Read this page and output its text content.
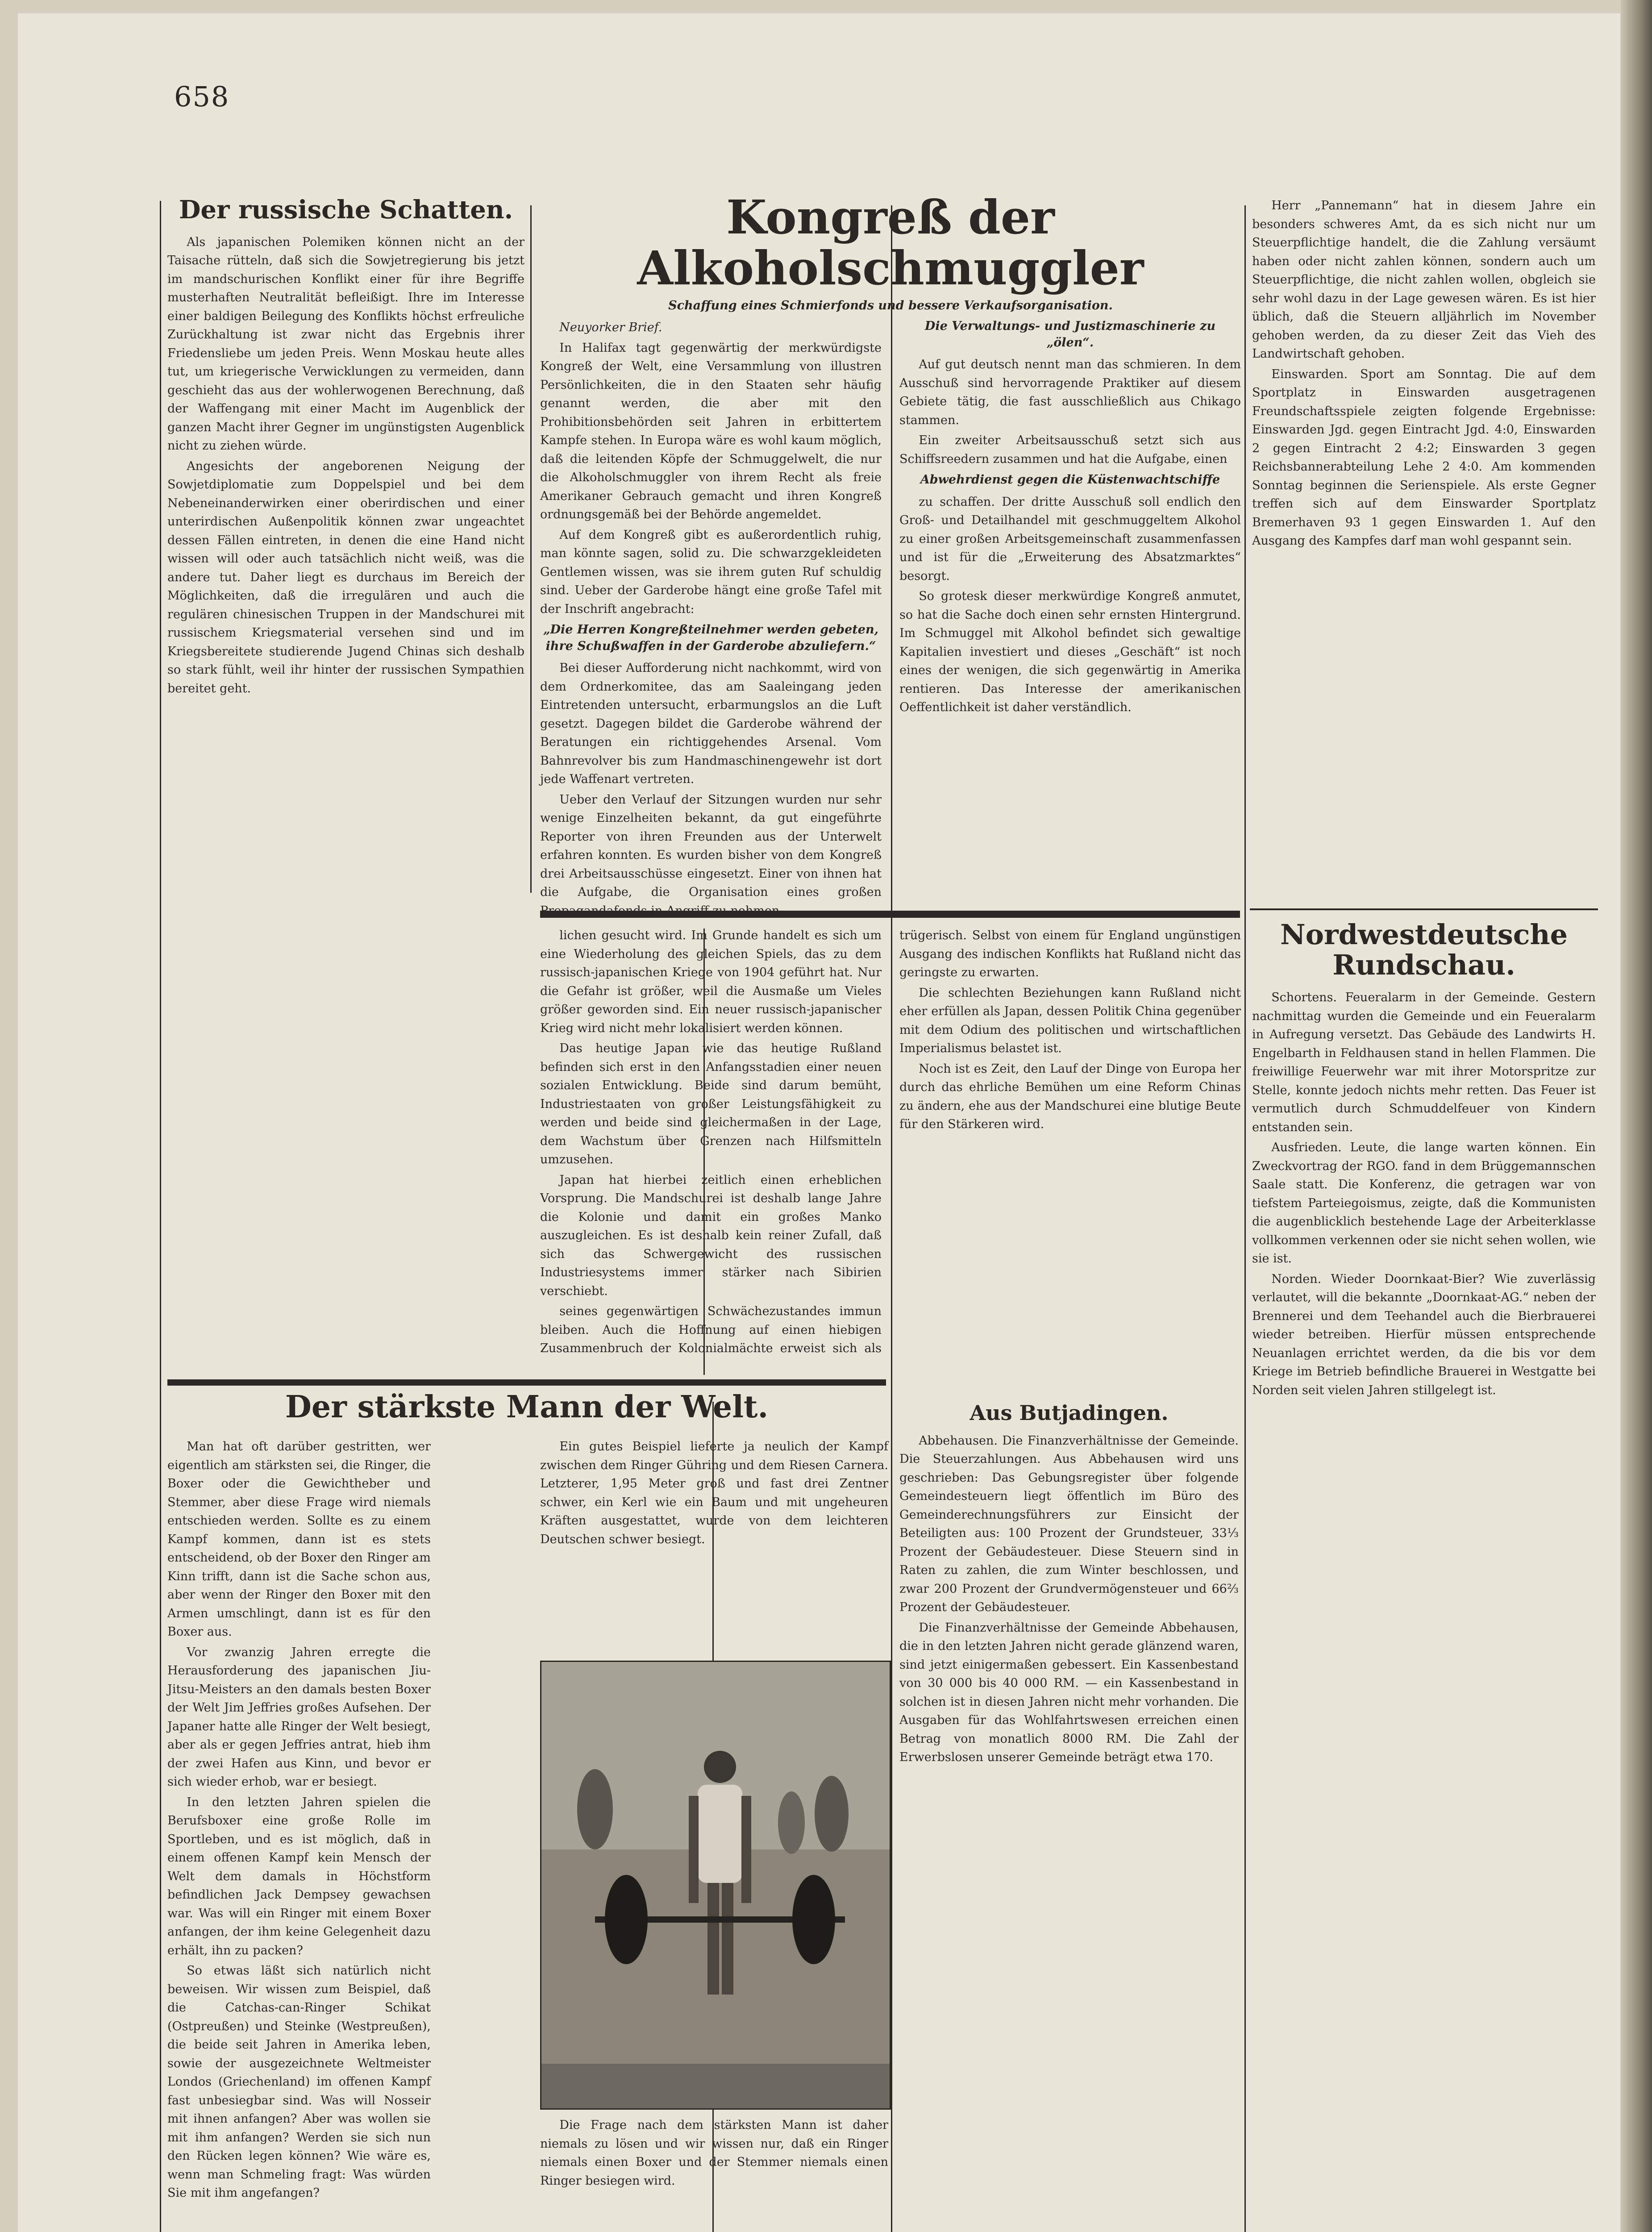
658
Der russische Schatten.

Als japanischen Polemiken können nicht an der Taisache rütteln, daß sich die Sowjetregierung bis jetzt im mandschurischen Konflikt einer für ihre Begriffe musterhaften Neutralität befleißigt. Ihre im Interesse einer baldigen Beilegung des Konflikts höchst erfreuliche Zurückhaltung ist zwar nicht das Ergebnis ihrer Friedensliebe um jeden Preis. Wenn Moskau heute alles tut, um kriegerische Verwicklungen zu vermeiden, dann geschieht das aus der wohlerwogenen Berechnung, daß der Waffengang mit einer Macht im Augenblick der ganzen Macht ihrer Gegner im ungünstigsten Augenblick nicht zu ziehen würde.

Angesichts der angeborenen Neigung der Sowjetdiplomatie zum Doppelspiel und bei dem Nebeneinanderwirken einer oberirdischen und einer unterirdischen Außenpolitik können zwar ungeachtet dessen Fällen eintreten, in denen die eine Hand nicht wissen will oder auch tatsächlich nicht weiß, was die andere tut. Daher liegt es durchaus im Bereich der Möglichkeiten, daß die irregulären und auch die regulären chinesischen Truppen in der Mandschurei mit russischem Kriegsmaterial versehen sind und im Kriegsbereitete studierende Jugend Chinas sich deshalb so stark fühlt, weil ihr hinter der russischen Sympathien bereitet geht.

Kongreß der Alkoholschmuggler
Schaffung eines Schmierfonds und bessere Verkaufsorganisation.

Neuyorker Brief.

In Halifax tagt gegenwärtig der merkwürdigste Kongreß der Welt, eine Versammlung von illustren Persönlichkeiten, die in den Staaten sehr häufig genannt werden, die aber mit den Prohibitionsbehörden seit Jahren in erbittertem Kampfe stehen. In Europa wäre es wohl kaum möglich, daß die leitenden Köpfe der Schmuggelwelt, die nur die Alkoholschmuggler von ihrem Recht als freie Amerikaner Gebrauch gemacht und ihren Kongreß ordnungsgemäß bei der Behörde angemeldet.

Auf dem Kongreß gibt es außerordentlich ruhig, man könnte sagen, solid zu. Die schwarzgekleideten Gentlemen wissen, was sie ihrem guten Ruf schuldig sind. Ueber der Garderobe hängt eine große Tafel mit der Inschrift angebracht:

„Die Herren Kongreßteilnehmer werden gebeten, ihre Schußwaffen in der Garderobe abzuliefern.“

Bei dieser Aufforderung nicht nachkommt, wird von dem Ordnerkomitee, das am Saaleingang jeden Eintretenden untersucht, erbarmungslos an die Luft gesetzt. Dagegen bildet die Garderobe während der Beratungen ein richtiggehendes Arsenal. Vom Bahnrevolver bis zum Handmaschinengewehr ist dort jede Waffenart vertreten.

Ueber den Verlauf der Sitzungen wurden nur sehr wenige Einzelheiten bekannt, da gut eingeführte Reporter von ihren Freunden aus der Unterwelt erfahren konnten. Es wurden bisher von dem Kongreß drei Arbeitsausschüsse eingesetzt. Einer von ihnen hat die Aufgabe, die Organisation eines großen Propagandafonds in Angriff zu nehmen.

Die Verwaltungs- und Justizmaschinerie zu „ölen“.

Auf gut deutsch nennt man das schmieren. In dem Ausschuß sind hervorragende Praktiker auf diesem Gebiete tätig, die fast ausschließlich aus Chikago stammen.

Ein zweiter Arbeitsausschuß setzt sich aus Schiffsreedern zusammen und hat die Aufgabe, einen

Abwehrdienst gegen die Küstenwachtschiffe

zu schaffen. Der dritte Ausschuß soll endlich den Groß- und Detailhandel mit geschmuggeltem Alkohol zu einer großen Arbeitsgemeinschaft zusammenfassen und ist für die „Erweiterung des Absatzmarktes“ besorgt.

So grotesk dieser merkwürdige Kongreß anmutet, so hat die Sache doch einen sehr ernsten Hintergrund. Im Schmuggel mit Alkohol befindet sich gewaltige Kapitalien investiert und dieses „Geschäft“ ist noch eines der wenigen, die sich gegenwärtig in Amerika rentieren. Das Interesse der amerikanischen Oeffentlichkeit ist daher verständlich.

lichen gesucht wird. Im Grunde handelt es sich um eine Wiederholung des gleichen Spiels, das zu dem russisch-japanischen Kriege von 1904 geführt hat. Nur die Gefahr ist größer, weil die Ausmaße um Vieles größer geworden sind. Ein neuer russisch-japanischer Krieg wird nicht mehr lokalisiert werden können.

Das heutige Japan wie das heutige Rußland befinden sich erst in den Anfangsstadien einer neuen sozialen Entwicklung. Beide sind darum bemüht, Industriestaaten von großer Leistungsfähigkeit zu werden und beide sind gleichermaßen in der Lage, dem Wachstum über Grenzen nach Hilfsmitteln umzusehen.

Japan hat hierbei zeitlich einen erheblichen Vorsprung. Die Mandschurei ist deshalb lange Jahre die Kolonie und damit ein großes Manko auszugleichen. Es ist deshalb kein reiner Zufall, daß sich das Schwergewicht des russischen Industriesystems immer stärker nach Sibirien verschiebt.

seines gegenwärtigen Schwächezustandes immun bleiben. Auch die Hoffnung auf einen hiebigen Zusammenbruch der Kolonialmächte erweist sich als trügerisch. Selbst von einem für England ungünstigen Ausgang des indischen Konflikts hat Rußland nicht das geringste zu erwarten.

Die schlechten Beziehungen kann Rußland nicht eher erfüllen als Japan, dessen Politik China gegenüber mit dem Odium des politischen und wirtschaftlichen Imperialismus belastet ist.

Noch ist es Zeit, den Lauf der Dinge von Europa her durch das ehrliche Bemühen um eine Reform Chinas zu ändern, ehe aus der Mandschurei eine blutige Beute für den Stärkeren wird.

Der stärkste Mann der Welt.

Man hat oft darüber gestritten, wer eigentlich am stärksten sei, die Ringer, die Boxer oder die Gewichtheber und Stemmer, aber diese Frage wird niemals entschieden werden. Sollte es zu einem Kampf kommen, dann ist es stets entscheidend, ob der Boxer den Ringer am Kinn trifft, dann ist die Sache schon aus, aber wenn der Ringer den Boxer mit den Armen umschlingt, dann ist es für den Boxer aus.

Vor zwanzig Jahren erregte die Herausforderung des japanischen Jiu-Jitsu-Meisters an den damals besten Boxer der Welt Jim Jeffries großes Aufsehen. Der Japaner hatte alle Ringer der Welt besiegt, aber als er gegen Jeffries antrat, hieb ihm der zwei Hafen aus Kinn, und bevor er sich wieder erhob, war er besiegt.

In den letzten Jahren spielen die Berufsboxer eine große Rolle im Sportleben, und es ist möglich, daß in einem offenen Kampf kein Mensch der Welt dem damals in Höchstform befindlichen Jack Dempsey gewachsen war. Was will ein Ringer mit einem Boxer anfangen, der ihm keine Gelegenheit dazu erhält, ihn zu packen?

So etwas läßt sich natürlich nicht beweisen. Wir wissen zum Beispiel, daß die Catchas-can-Ringer Schikat (Ostpreußen) und Steinke (Westpreußen), die beide seit Jahren in Amerika leben, sowie der ausgezeichnete Weltmeister Londos (Griechenland) im offenen Kampf fast unbesiegbar sind. Was will Nosseir mit ihnen anfangen? Aber was wollen sie mit ihm anfangen? Werden sie sich nun den Rücken legen können? Wie wäre es, wenn man Schmeling fragt: Was würden Sie mit ihm angefangen?

Ein gutes Beispiel lieferte ja neulich der Kampf zwischen dem Ringer Gühring und dem Riesen Carnera. Letzterer, 1,95 Meter groß und fast drei Zentner schwer, ein Kerl wie ein Baum und mit ungeheuren Kräften ausgestattet, wurde von dem leichteren Deutschen schwer besiegt.

Die Frage nach dem stärksten Mann ist daher niemals zu lösen und wir wissen nur, daß ein Ringer niemals einen Boxer und der Stemmer niemals einen Ringer besiegen wird.

Aus Butjadingen.

Abbehausen. Die Finanzverhältnisse der Gemeinde. Die Steuerzahlungen. Aus Abbehausen wird uns geschrieben: Das Gebungsregister über folgende Gemeindesteuern liegt öffentlich im Büro des Gemeinderechnungsführers zur Einsicht der Beteiligten aus: 100 Prozent der Grundsteuer, 33⅓ Prozent der Gebäudesteuer. Diese Steuern sind in Raten zu zahlen, die zum Winter beschlossen, und zwar 200 Prozent der Grundvermögensteuer und 66⅔ Prozent der Gebäudesteuer.

Die Finanzverhältnisse der Gemeinde Abbehausen, die in den letzten Jahren nicht gerade glänzend waren, sind jetzt einigermaßen gebessert. Ein Kassenbestand von 30 000 bis 40 000 RM. — ein Kassenbestand in solchen ist in diesen Jahren nicht mehr vorhanden. Die Ausgaben für das Wohlfahrtswesen erreichen einen Betrag von monatlich 8000 RM. Die Zahl der Erwerbslosen unserer Gemeinde beträgt etwa 170.

Herr „Pannemann“ hat in diesem Jahre ein besonders schweres Amt, da es sich nicht nur um Steuerpflichtige handelt, die die Zahlung versäumt haben oder nicht zahlen können, sondern auch um Steuerpflichtige, die nicht zahlen wollen, obgleich sie sehr wohl dazu in der Lage gewesen wären. Es ist hier üblich, daß die Steuern alljährlich im November gehoben werden, da zu dieser Zeit das Vieh des Landwirtschaft gehoben.

Einswarden. Sport am Sonntag. Die auf dem Sportplatz in Einswarden ausgetragenen Freundschaftsspiele zeigten folgende Ergebnisse: Einswarden Jgd. gegen Eintracht Jgd. 4:0, Einswarden 2 gegen Eintracht 2 4:2; Einswarden 3 gegen Reichsbannerabteilung Lehe 2 4:0. Am kommenden Sonntag beginnen die Serienspiele. Als erste Gegner treffen sich auf dem Einswarder Sportplatz Bremerhaven 93 1 gegen Einswarden 1. Auf den Ausgang des Kampfes darf man wohl gespannt sein.

Nordwestdeutsche Rundschau.

Schortens. Feueralarm in der Gemeinde. Gestern nachmittag wurden die Gemeinde und ein Feueralarm in Aufregung versetzt. Das Gebäude des Landwirts H. Engelbarth in Feldhausen stand in hellen Flammen. Die freiwillige Feuerwehr war mit ihrer Motorspritze zur Stelle, konnte jedoch nichts mehr retten. Das Feuer ist vermutlich durch Schmuddelfeuer von Kindern entstanden sein.

Ausfrieden. Leute, die lange warten können. Ein Zweckvortrag der RGO. fand in dem Brüggemannschen Saale statt. Die Konferenz, die getragen war von tiefstem Parteiegoismus, zeigte, daß die Kommunisten die augenblicklich bestehende Lage der Arbeiterklasse vollkommen verkennen oder sie nicht sehen wollen, wie sie ist.

Norden. Wieder Doornkaat-Bier? Wie zuverlässig verlautet, will die bekannte „Doornkaat-AG.“ neben der Brennerei und dem Teehandel auch die Bierbrauerei wieder betreiben. Hierfür müssen entsprechende Neuanlagen errichtet werden, da die bis vor dem Kriege im Betrieb befindliche Brauerei in Westgatte bei Norden seit vielen Jahren stillgelegt ist.
